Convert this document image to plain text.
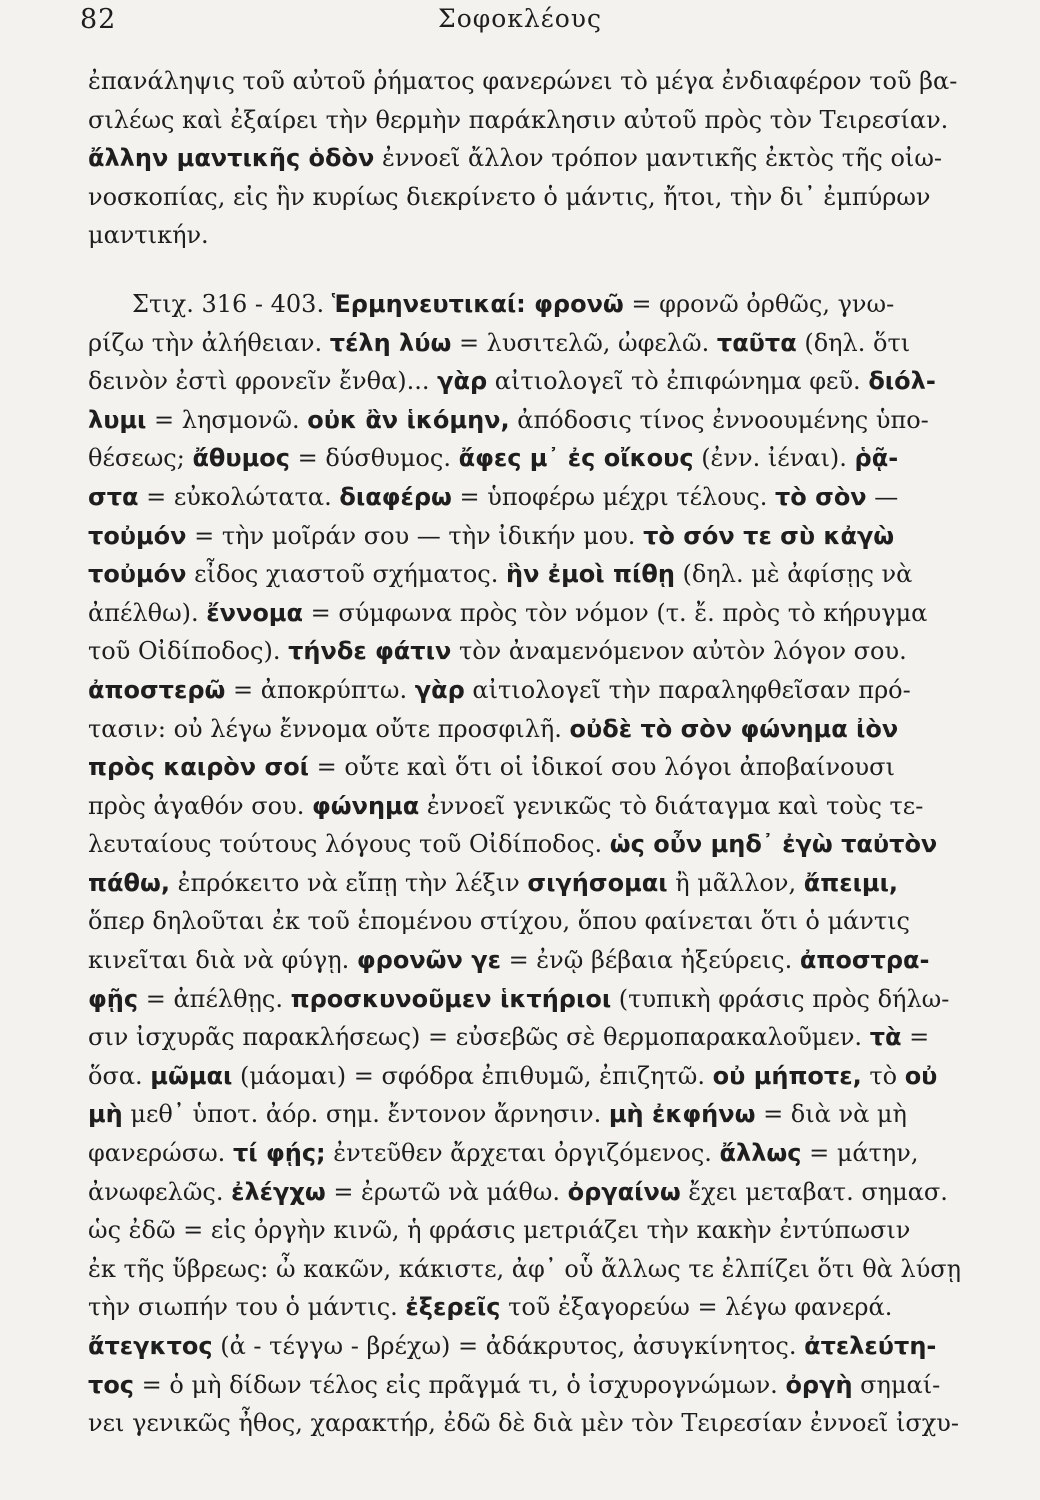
82	Σοφοκλέους
ἐπανάληψις τοῦ αὐτοῦ ῥήματος φανερώνει τὸ μέγα ἐνδιαφέρον τοῦ βα-
σιλέως καὶ ἐξαίρει τὴν θερμὴν παράκλησιν αὐτοῦ πρὸς τὸν Τειρεσίαν.
ἄλλην μαντικῆς ὁδὸν ἐννοεῖ ἄλλον τρόπον μαντικῆς ἐκτὸς τῆς οἰω-
νοσκοπίας, εἰς ἣν κυρίως διεκρίνετο ὁ μάντις, ἤτοι, τὴν δι᾽ ἐμπύρων
μαντικήν.
Στιχ. 316 - 403. Ἑρμηνευτικαί: φρονῶ = φρονῶ ὀρθῶς, γνω-
ρίζω τὴν ἀλήθειαν. τέλη λύω = λυσιτελῶ, ὠφελῶ. ταῦτα (δηλ. ὅτι
δεινὸν ἐστὶ φρονεῖν ἔνθα)... γὰρ αἰτιολογεῖ τὸ ἐπιφώνημα φεῦ. διόλ-
λυμι = λησμονῶ. οὐκ ἂν ἱκόμην, ἀπόδοσις τίνος ἐννοουμένης ὑπο-
θέσεως; ἄθυμος = δύσθυμος. ἄφες μ᾽ ἐς οἴκους (ἐνν. ἰέναι). ῥᾷ-
στα = εὐκολώτατα. διαφέρω = ὑποφέρω μέχρι τέλους. τὸ σὸν —
τοὐμόν = τὴν μοῖράν σου — τὴν ἰδικήν μου. τὸ σόν τε σὺ κἀγὼ
τοὐμόν εἶδος χιαστοῦ σχήματος. ἣν ἐμοὶ πίθῃ (δηλ. μὲ ἀφίσῃς νὰ
ἀπέλθω). ἔννομα = σύμφωνα πρὸς τὸν νόμον (τ. ἔ. πρὸς τὸ κήρυγμα
τοῦ Οἰδίποδος). τήνδε φάτιν τὸν ἀναμενόμενον αὐτὸν λόγον σου.
ἀποστερῶ = ἀποκρύπτω. γὰρ αἰτιολογεῖ τὴν παραληφθεῖσαν πρό-
τασιν: οὐ λέγω ἔννομα οὔτε προσφιλῆ. οὐδὲ τὸ σὸν φώνημα ἰὸν
πρὸς καιρὸν σοί = οὔτε καὶ ὅτι οἱ ἰδικοί σου λόγοι ἀποβαίνουσι
πρὸς ἀγαθόν σου. φώνημα ἐννοεῖ γενικῶς τὸ διάταγμα καὶ τοὺς τε-
λευταίους τούτους λόγους τοῦ Οἰδίποδος. ὡς οὖν μηδ᾽ ἐγὼ ταὐτὸν
πάθω, ἐπρόκειτο νὰ εἴπῃ τὴν λέξιν σιγήσομαι ἢ μᾶλλον, ἄπειμι,
ὅπερ δηλοῦται ἐκ τοῦ ἑπομένου στίχου, ὅπου φαίνεται ὅτι ὁ μάντις
κινεῖται διὰ νὰ φύγῃ. φρονῶν γε = ἐνῷ βέβαια ἠξεύρεις. ἀποστρα-
φῇς = ἀπέλθῃς. προσκυνοῦμεν ἱκτήριοι (τυπικὴ φράσις πρὸς δήλω-
σιν ἰσχυρᾶς παρακλήσεως) = εὐσεβῶς σὲ θερμοπαρακαλοῦμεν. τὰ =
ὅσα. μῶμαι (μάομαι) = σφόδρα ἐπιθυμῶ, ἐπιζητῶ. οὐ μήποτε, τὸ οὐ
μὴ μεθ᾽ ὑποτ. ἀόρ. σημ. ἔντονον ἄρνησιν. μὴ ἐκφήνω = διὰ νὰ μὴ
φανερώσω. τί φῄς; ἐντεῦθεν ἄρχεται ὀργιζόμενος. ἄλλως = μάτην,
ἀνωφελῶς. ἐλέγχω = ἐρωτῶ νὰ μάθω. ὀργαίνω ἔχει μεταβατ. σημασ.
ὡς ἐδῶ = εἰς ὀργὴν κινῶ, ἡ φράσις μετριάζει τὴν κακὴν ἐντύπωσιν
ἐκ τῆς ὕβρεως: ὦ κακῶν, κάκιστε, ἀφ᾽ οὗ ἄλλως τε ἐλπίζει ὅτι θὰ λύσῃ
τὴν σιωπήν του ὁ μάντις. ἐξερεῖς τοῦ ἐξαγορεύω = λέγω φανερά.
ἄτεγκτος (ἀ - τέγγω - βρέχω) = ἀδάκρυτος, ἀσυγκίνητος. ἀτελεύτη-
τος = ὁ μὴ δίδων τέλος εἰς πρᾶγμά τι, ὁ ἰσχυρογνώμων. ὀργὴ σημαί-
νει γενικῶς ἦθος, χαρακτήρ, ἐδῶ δὲ διὰ μὲν τὸν Τειρεσίαν ἐννοεῖ ἰσχυ-
